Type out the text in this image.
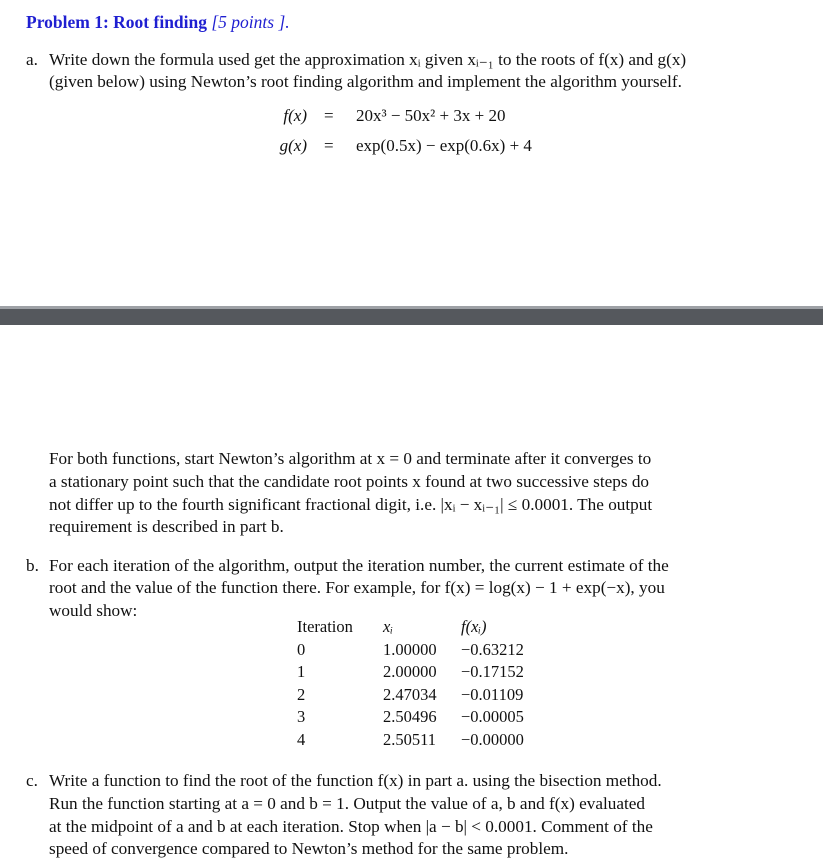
Problem 1: Root finding [5 points ].
a. Write down the formula used get the approximation xᵢ given xᵢ₋₁ to the roots of f(x) and g(x)
(given below) using Newton’s root finding algorithm and implement the algorithm yourself.
f(x) = 20x³ − 50x² + 3x + 20
g(x) = exp(0.5x) − exp(0.6x) + 4
For both functions, start Newton’s algorithm at x = 0 and terminate after it converges to
a stationary point such that the candidate root points x found at two successive steps do
not differ up to the fourth significant fractional digit, i.e. |xᵢ − xᵢ₋₁| ≤ 0.0001. The output
requirement is described in part b.
b. For each iteration of the algorithm, output the iteration number, the current estimate of the
root and the value of the function there. For example, for f(x) = log(x) − 1 + exp(−x), you
would show:
Iteration	xᵢ	f(xᵢ)
0	1.00000	−0.63212
1	2.00000	−0.17152
2	2.47034	−0.01109
3	2.50496	−0.00005
4	2.50511	−0.00000
c. Write a function to find the root of the function f(x) in part a. using the bisection method.
Run the function starting at a = 0 and b = 1. Output the value of a, b and f(x) evaluated
at the midpoint of a and b at each iteration. Stop when |a − b| < 0.0001. Comment of the
speed of convergence compared to Newton’s method for the same problem.
